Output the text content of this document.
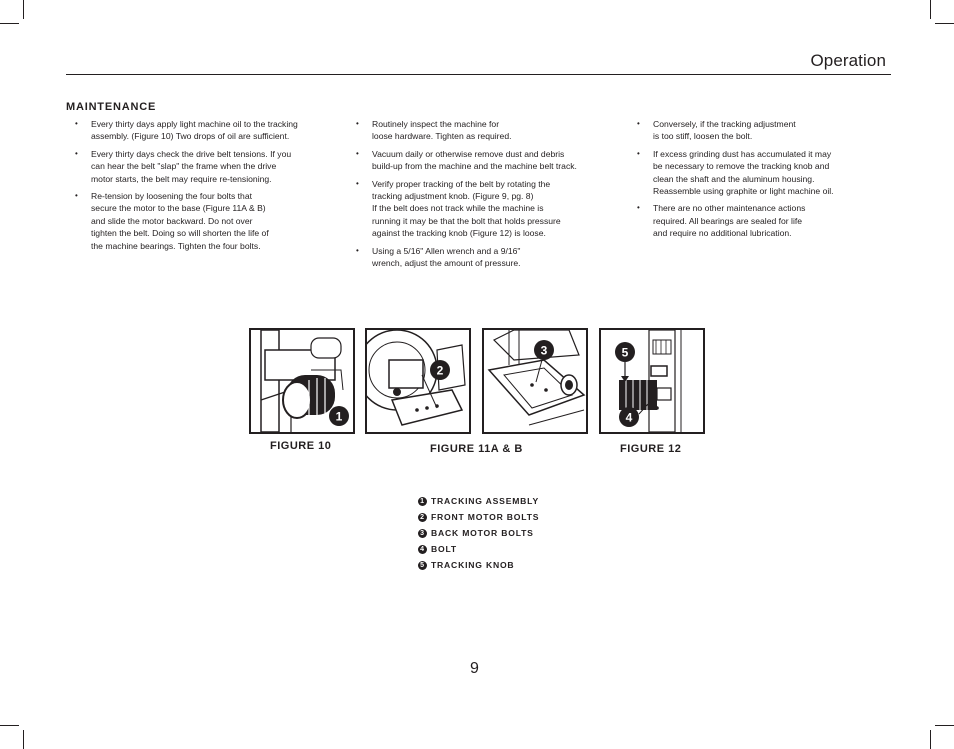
Operation
MAINTENANCE
• Every thirty days apply light machine oil to the tracking
assembly. (Figure 10) Two drops of oil are sufficient.
• Every thirty days check the drive belt tensions. If you
can hear the belt "slap" the frame when the drive
motor starts, the belt may require re-tensioning.
• Re-tension by loosening the four bolts that
secure the motor to the base (Figure 11A & B)
and slide the motor backward. Do not over
tighten the belt. Doing so will shorten the life of
the machine bearings. Tighten the four bolts.
• Routinely inspect the machine for
loose hardware. Tighten as required.
• Vacuum daily or otherwise remove dust and debris
build-up from the machine and the machine belt track.
• Verify proper tracking of the belt by rotating the
tracking adjustment knob. (Figure 9, pg. 8)
If the belt does not track while the machine is
running it may be that the bolt that holds pressure
against the tracking knob (Figure 12) is loose.
• Using a 5/16" Allen wrench and a 9/16"
wrench, adjust the amount of pressure.
• Conversely, if the tracking adjustment
is too stiff, loosen the bolt.
• If excess grinding dust has accumulated it may
be necessary to remove the tracking knob and
clean the shaft and the aluminum housing.
Reassemble using graphite or light machine oil.
• There are no other maintenance actions
required. All bearings are sealed for life
and require no additional lubrication.
1
FIGURE 10
2
3
FIGURE 11A & B
5
4
FIGURE 12
1 TRACKING ASSEMBLY
2 FRONT MOTOR BOLTS
3 BACK MOTOR BOLTS
4 BOLT
5 TRACKING KNOB
9
